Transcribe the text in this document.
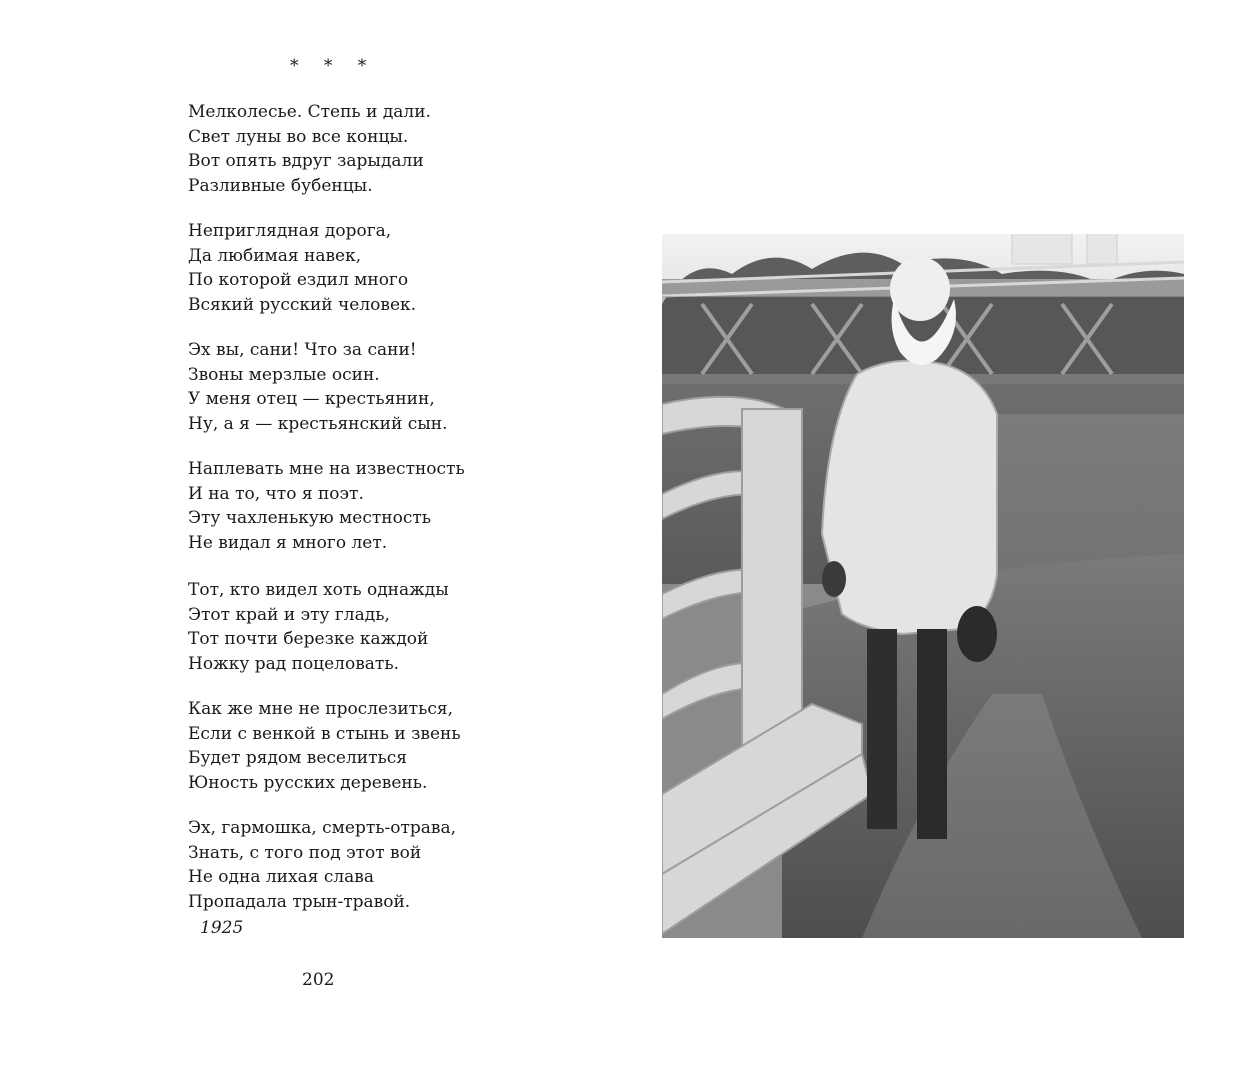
* * *
Мелколесье. Степь и дали.
Свет луны во все концы.
Вот опять вдруг зарыдали
Разливные бубенцы.
Неприглядная дорога,
Да любимая навек,
По которой ездил много
Всякий русский человек.
Эх вы, сани! Что за сани!
Звоны мерзлые осин.
У меня отец — крестьянин,
Ну, а я — крестьянский сын.
Наплевать мне на известность
И на то, что я поэт.
Эту чахленькую местность
Не видал я много лет.
Тот, кто видел хоть однажды
Этот край и эту гладь,
Тот почти березке каждой
Ножку рад поцеловать.
Как же мне не прослезиться,
Если с венкой в стынь и звень
Будет рядом веселиться
Юность русских деревень.
Эх, гармошка, смерть-отрава,
Знать, с того под этот вой
Не одна лихая слава
Пропадала трын-травой.
1925
202
